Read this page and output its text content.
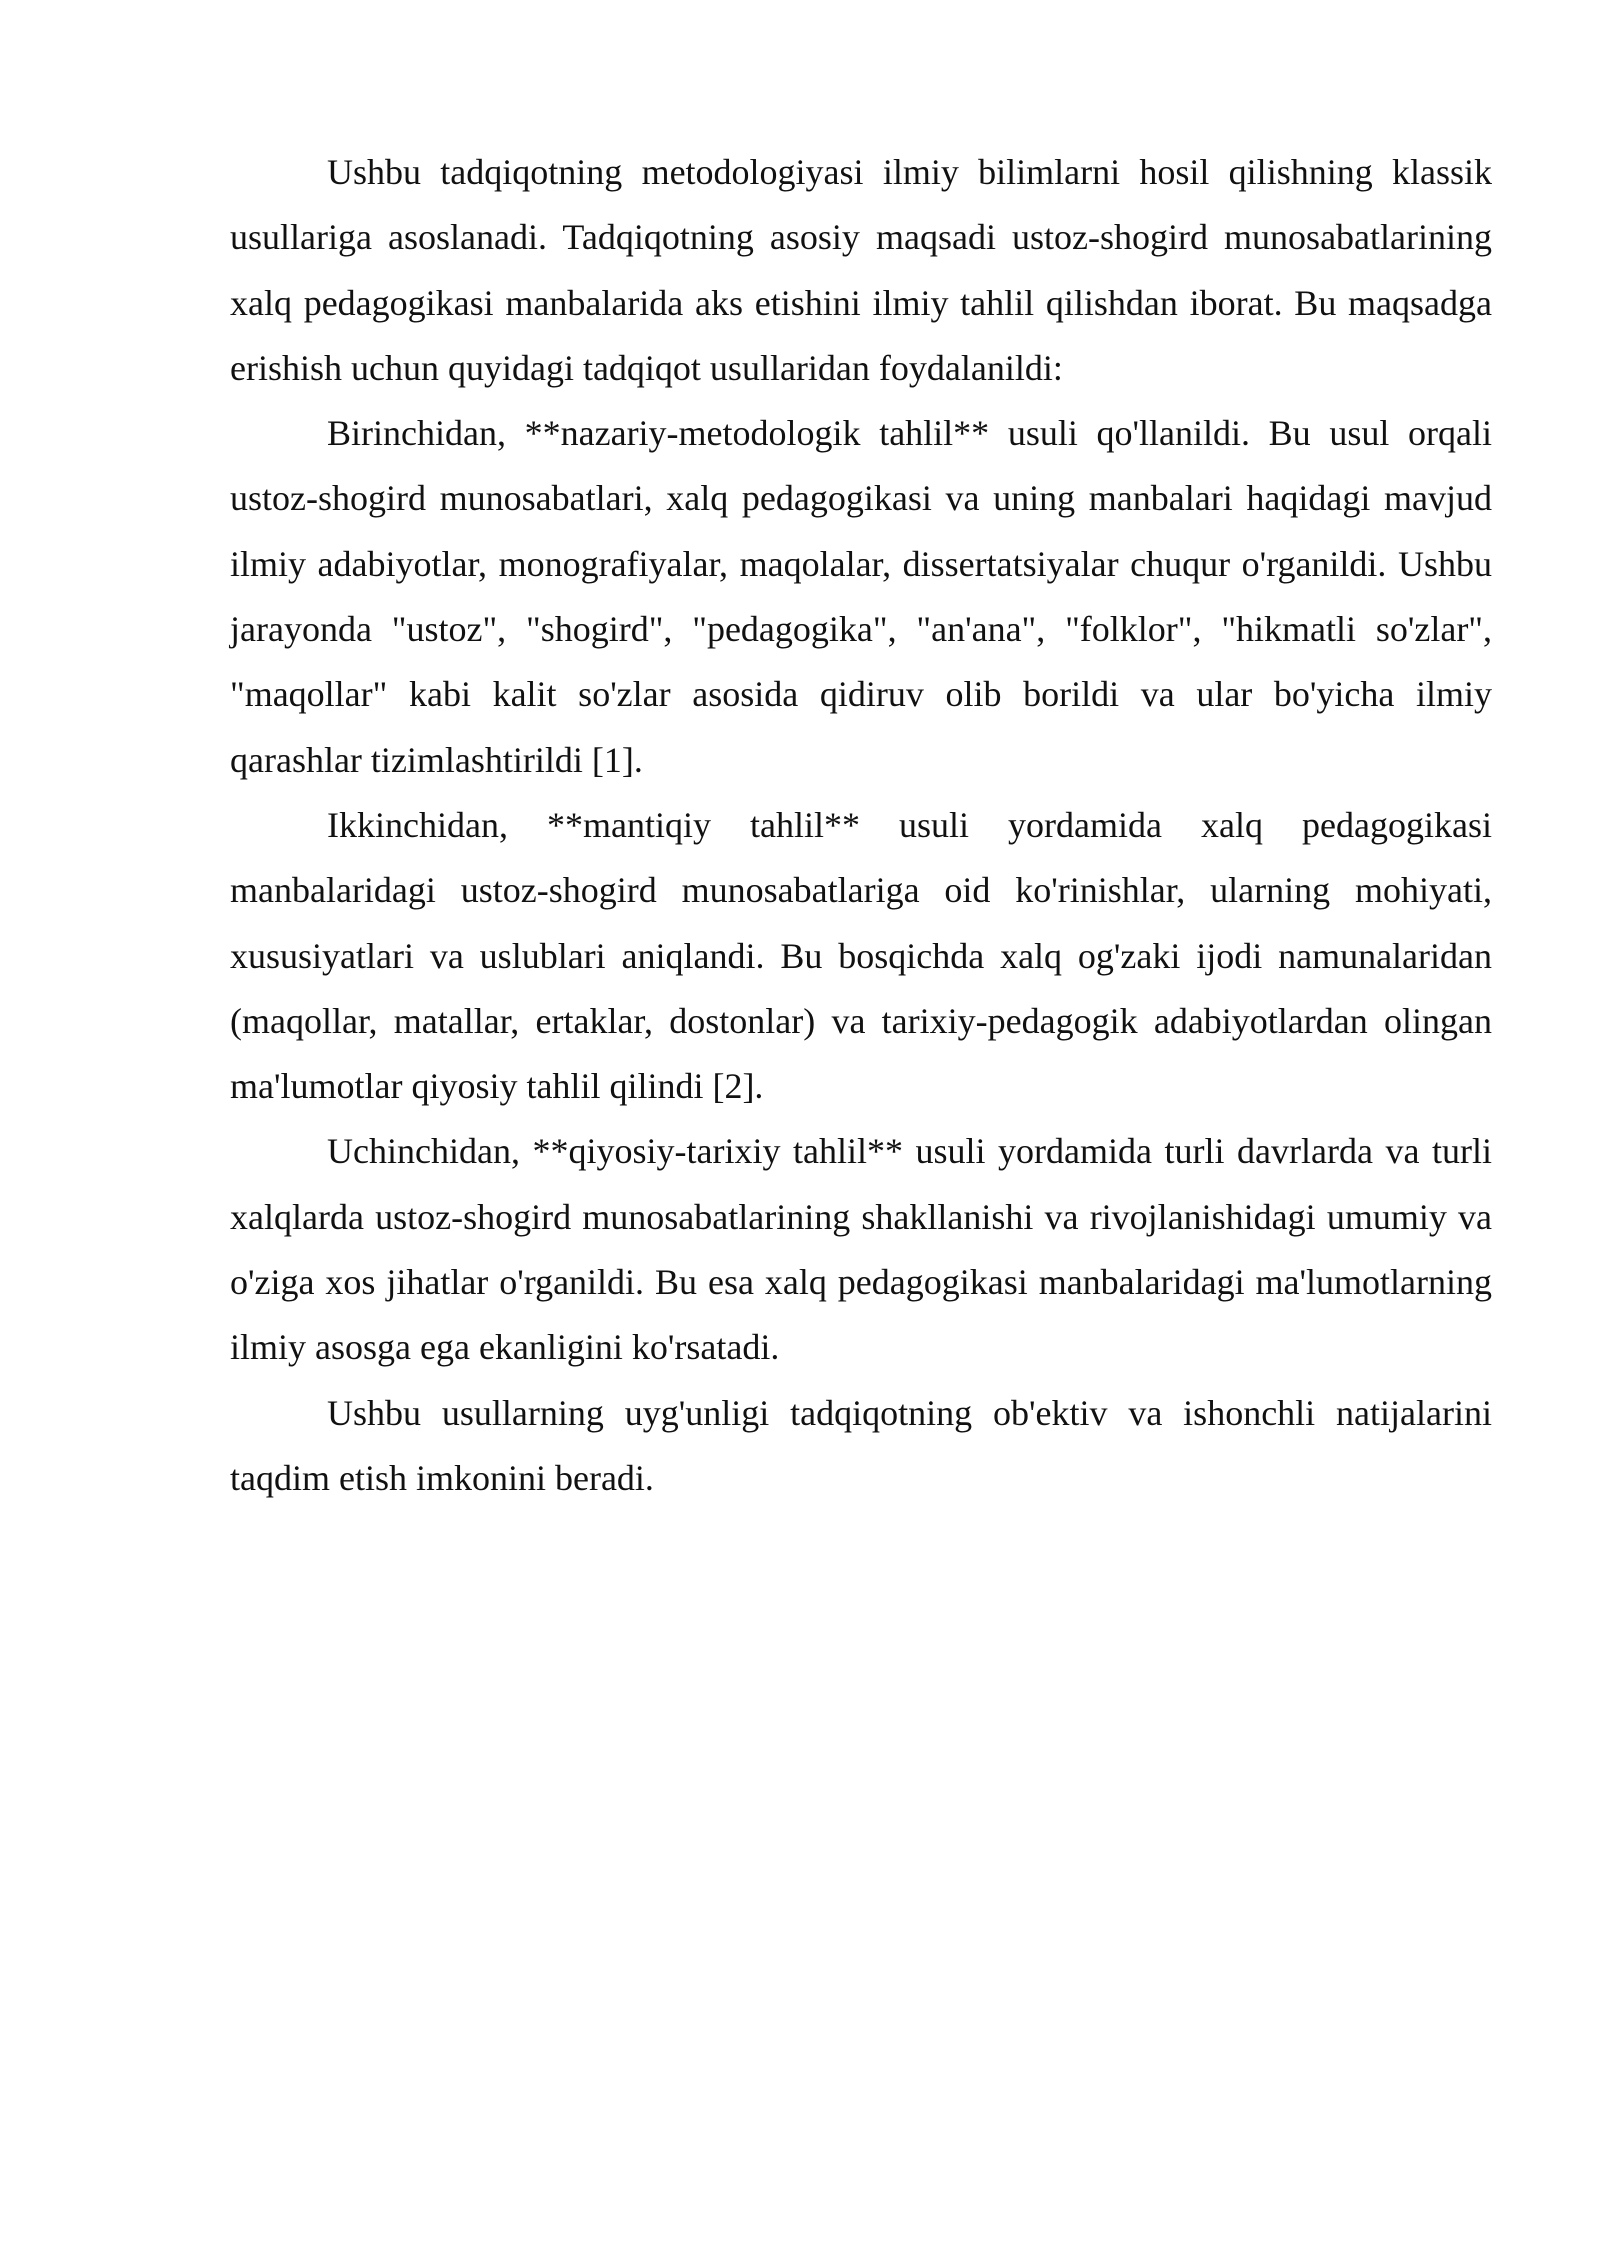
Ushbu tadqiqotning metodologiyasi ilmiy bilimlarni hosil qilishning klassik usullariga asoslanadi. Tadqiqotning asosiy maqsadi ustoz-shogird munosabatlarining xalq pedagogikasi manbalarida aks etishini ilmiy tahlil qilishdan iborat. Bu maqsadga erishish uchun quyidagi tadqiqot usullaridan foydalanildi:

Birinchidan, **nazariy-metodologik tahlil** usuli qo'llanildi. Bu usul orqali ustoz-shogird munosabatlari, xalq pedagogikasi va uning manbalari haqidagi mavjud ilmiy adabiyotlar, monografiyalar, maqolalar, dissertatsiyalar chuqur o'rganildi. Ushbu jarayonda "ustoz", "shogird", "pedagogika", "an'ana", "folklor", "hikmatli so'zlar", "maqollar" kabi kalit so'zlar asosida qidiruv olib borildi va ular bo'yicha ilmiy qarashlar tizimlashtirildi [1].

Ikkinchidan, **mantiqiy tahlil** usuli yordamida xalq pedagogikasi manbalaridagi ustoz-shogird munosabatlariga oid ko'rinishlar, ularning mohiyati, xususiyatlari va uslublari aniqlandi. Bu bosqichda xalq og'zaki ijodi namunalaridan (maqollar, matallar, ertaklar, dostonlar) va tarixiy-pedagogik adabiyotlardan olingan ma'lumotlar qiyosiy tahlil qilindi [2].

Uchinchidan, **qiyosiy-tarixiy tahlil** usuli yordamida turli davrlarda va turli xalqlarda ustoz-shogird munosabatlarining shakllanishi va rivojlanishidagi umumiy va o'ziga xos jihatlar o'rganildi. Bu esa xalq pedagogikasi manbalaridagi ma'lumotlarning ilmiy asosga ega ekanligini ko'rsatadi.

Ushbu usullarning uyg'unligi tadqiqotning ob'ektiv va ishonchli natijalarini taqdim etish imkonini beradi.
